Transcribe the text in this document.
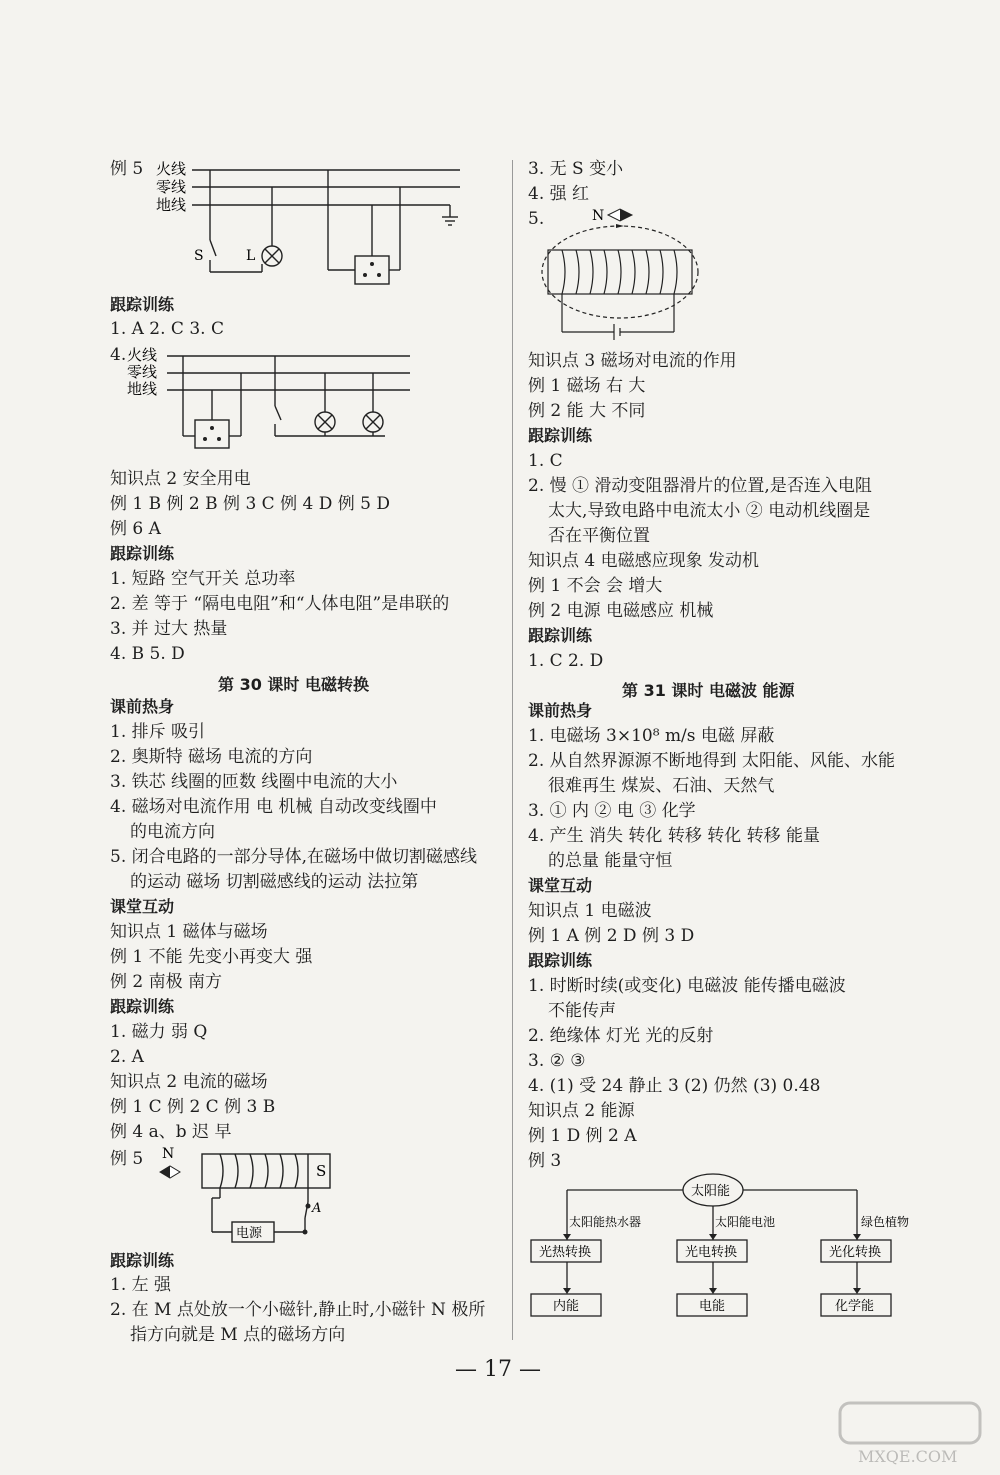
例 5 火线
零线
地线
S	L
跟踪训练
1. A 2. C 3. C
4. 火线
零线
地线
知识点 2 安全用电
例 1 B 例 2 B 例 3 C 例 4 D 例 5 D
例 6 A
跟踪训练
1. 短路 空气开关 总功率
2. 差 等于 “隔电电阻”和“人体电阻”是串联的
3. 并 过大 热量
4. B 5. D
第 30 课时 电磁转换
课前热身
1. 排斥 吸引
2. 奥斯特 磁场 电流的方向
3. 铁芯 线圈的匝数 线圈中电流的大小
4. 磁场对电流作用 电 机械 自动改变线圈中
的电流方向
5. 闭合电路的一部分导体,在磁场中做切割磁感线
的运动 磁场 切割磁感线的运动 法拉第
课堂互动
知识点 1 磁体与磁场
例 1 不能 先变小再变大 强
例 2 南极 南方
跟踪训练
1. 磁力 弱 Q
2. A
知识点 2 电流的磁场
例 1 C 例 2 C 例 3 B
例 4 a、b 迟 早
例 5 N
S
A
电源
跟踪训练
1. 左 强
2. 在 M 点处放一个小磁针,静止时,小磁针 N 极所
指方向就是 M 点的磁场方向
3. 无 S 变小
4. 强 红
5.	N
知识点 3 磁场对电流的作用
例 1 磁场 右 大
例 2 能 大 不同
跟踪训练
1. C
2. 慢 ① 滑动变阻器滑片的位置,是否连入电阻
太大,导致电路中电流太小 ② 电动机线圈是
否在平衡位置
知识点 4 电磁感应现象 发动机
例 1 不会 会 增大
例 2 电源 电磁感应 机械
跟踪训练
1. C 2. D
第 31 课时 电磁波 能源
课前热身
1. 电磁场 3×10⁸ m/s 电磁 屏蔽
2. 从自然界源源不断地得到 太阳能、风能、水能
很难再生 煤炭、石油、天然气
3. ① 内 ② 电 ③ 化学
4. 产生 消失 转化 转移 转化 转移 能量
的总量 能量守恒
课堂互动
知识点 1 电磁波
例 1 A 例 2 D 例 3 D
跟踪训练
1. 时断时续(或变化) 电磁波 能传播电磁波
不能传声
2. 绝缘体 灯光 光的反射
3. ② ③
4. (1) 受 24 静止 3 (2) 仍然 (3) 0.48
知识点 2 能源
例 1 D 例 2 A
例 3
太阳能
太阳能热水器	太阳能电池	绿色植物
光热转换	光电转换	光化转换
内能	电能	化学能
— 17 —
MXQE.COM
